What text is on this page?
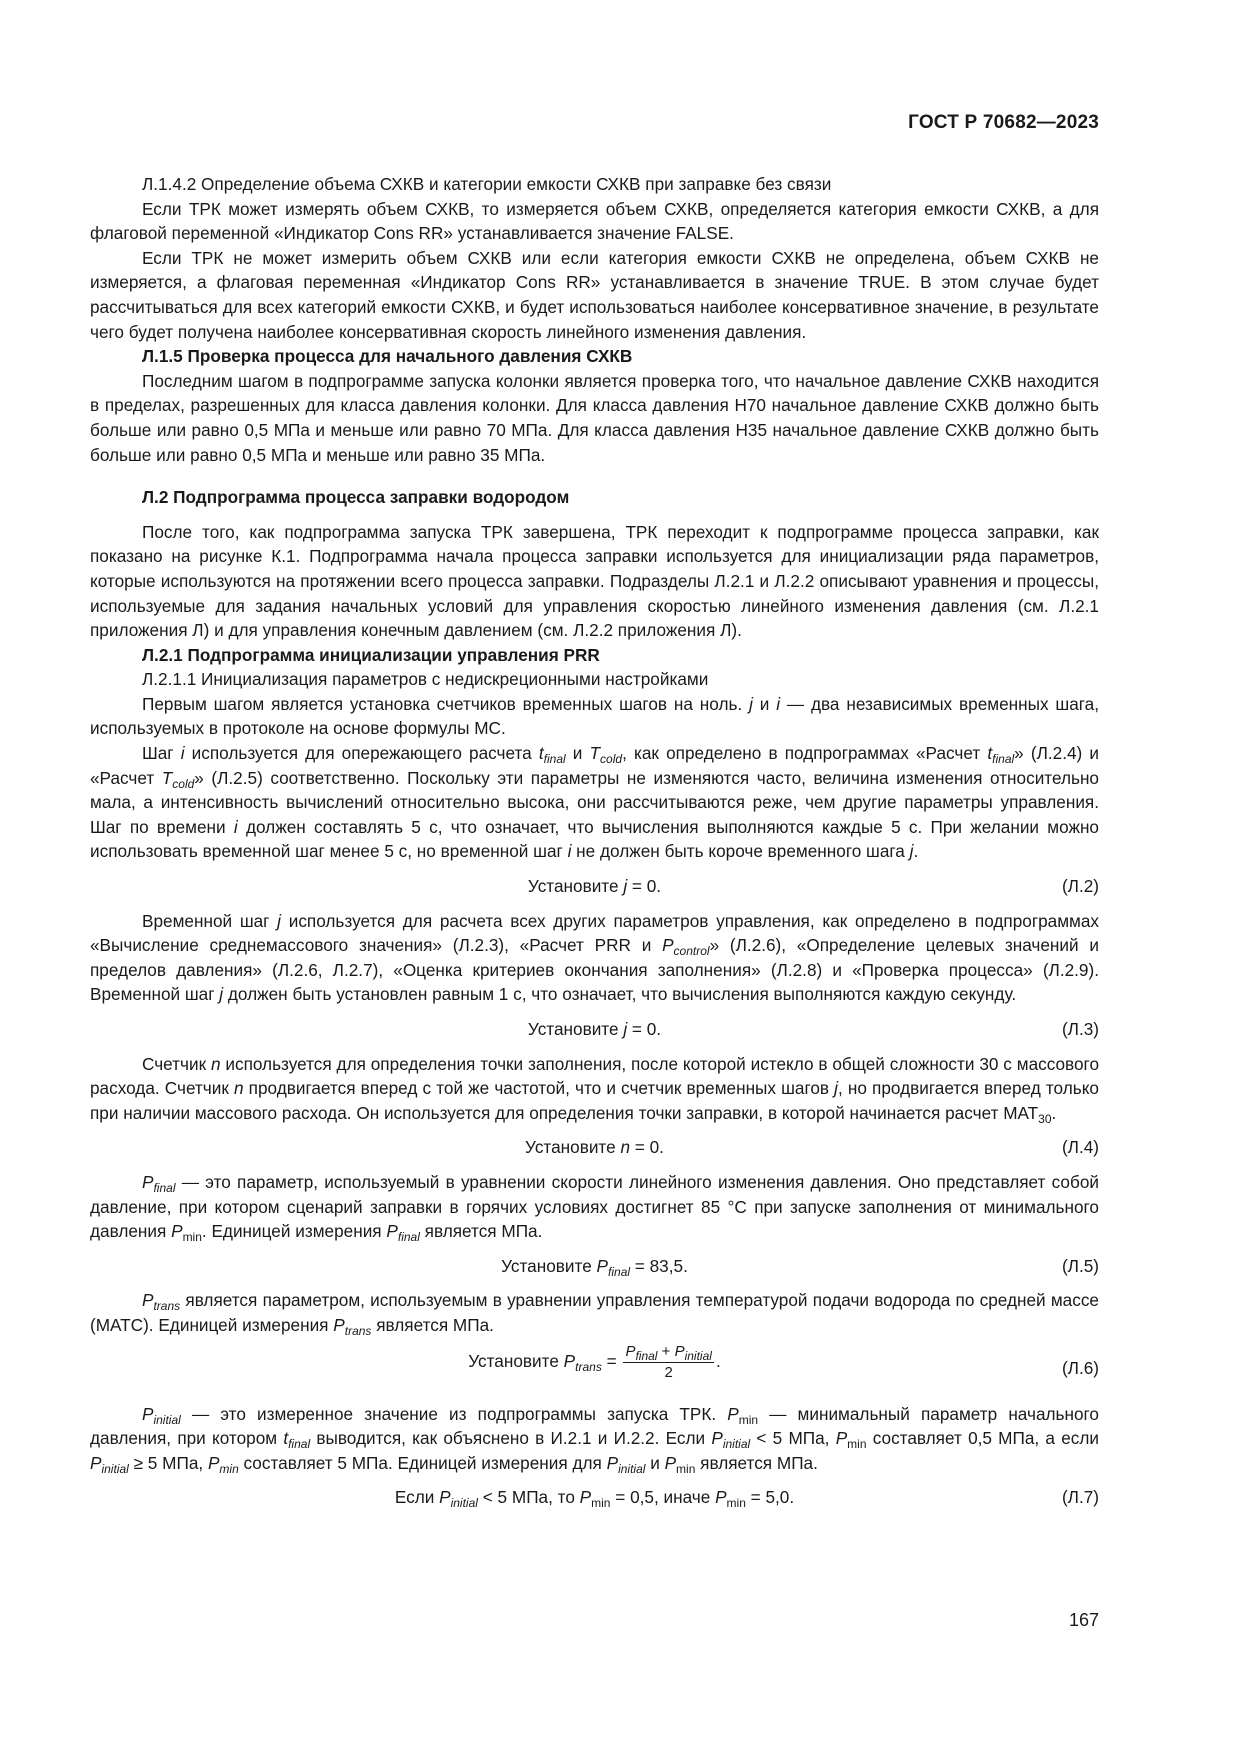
ГОСТ Р 70682—2023

Л.1.4.2 Определение объема СХКВ и категории емкости СХКВ при заправке без связи

Если ТРК может измерять объем СХКВ, то измеряется объем СХКВ, определяется категория емкости СХКВ, а для флаговой переменной «Индикатор Cons RR» устанавливается значение FALSE.

Если ТРК не может измерить объем СХКВ или если категория емкости СХКВ не определена, объем СХКВ не измеряется, а флаговая переменная «Индикатор Cons RR» устанавливается в значение TRUE. В этом случае будет рассчитываться для всех категорий емкости СХКВ, и будет использоваться наиболее консервативное значение, в результате чего будет получена наиболее консервативная скорость линейного изменения давления.

Л.1.5 Проверка процесса для начального давления СХКВ

Последним шагом в подпрограмме запуска колонки является проверка того, что начальное давление СХКВ находится в пределах, разрешенных для класса давления колонки. Для класса давления Н70 начальное давление СХКВ должно быть больше или равно 0,5 МПа и меньше или равно 70 МПа. Для класса давления Н35 начальное давление СХКВ должно быть больше или равно 0,5 МПа и меньше или равно 35 МПа.

Л.2 Подпрограмма процесса заправки водородом

После того, как подпрограмма запуска ТРК завершена, ТРК переходит к подпрограмме процесса заправки, как показано на рисунке К.1. Подпрограмма начала процесса заправки используется для инициализации ряда параметров, которые используются на протяжении всего процесса заправки. Подразделы Л.2.1 и Л.2.2 описывают уравнения и процессы, используемые для задания начальных условий для управления скоростью линейного изменения давления (см. Л.2.1 приложения Л) и для управления конечным давлением (см. Л.2.2 приложения Л).

Л.2.1 Подпрограмма инициализации управления PRR

Л.2.1.1 Инициализация параметров с недискреционными настройками

Первым шагом является установка счетчиков временных шагов на ноль. j и i — два независимых временных шага, используемых в протоколе на основе формулы МС.

Шаг i используется для опережающего расчета $t_{final}$ и $T_{cold}$, как определено в подпрограммах «Расчет $t_{final}$» (Л.2.4) и «Расчет $T_{cold}$» (Л.2.5) соответственно. Поскольку эти параметры не изменяются часто, величина изменения относительно мала, а интенсивность вычислений относительно высока, они рассчитываются реже, чем другие параметры управления. Шаг по времени i должен составлять 5 с, что означает, что вычисления выполняются каждые 5 с. При желании можно использовать временной шаг менее 5 с, но временной шаг i не должен быть короче временного шага j.

Установите j = 0.	(Л.2)

Временной шаг j используется для расчета всех других параметров управления, как определено в подпрограммах «Вычисление среднемассового значения» (Л.2.3), «Расчет PRR и $P_{control}$» (Л.2.6), «Определение целевых значений и пределов давления» (Л.2.6, Л.2.7), «Оценка критериев окончания заполнения» (Л.2.8) и «Проверка процесса» (Л.2.9). Временной шаг j должен быть установлен равным 1 с, что означает, что вычисления выполняются каждую секунду.

Установите j = 0.	(Л.3)

Счетчик n используется для определения точки заполнения, после которой истекло в общей сложности 30 с массового расхода. Счетчик n продвигается вперед с той же частотой, что и счетчик временных шагов j, но продвигается вперед только при наличии массового расхода. Он используется для определения точки заправки, в которой начинается расчет $МАТ_{30}$.

Установите n = 0.	(Л.4)

$P_{final}$ — это параметр, используемый в уравнении скорости линейного изменения давления. Оно представляет собой давление, при котором сценарий заправки в горячих условиях достигнет 85 °С при запуске заполнения от минимального давления $P_{min}$. Единицей измерения $P_{final}$ является МПа.

Установите $P_{final} = 83,5$.	(Л.5)

$P_{trans}$ является параметром, используемым в уравнении управления температурой подачи водорода по средней массе (МАТС). Единицей измерения $P_{trans}$ является МПа.

Установите $P_{trans} = \frac{P_{final} + P_{initial}}{2}$ .	(Л.6)

$P_{initial}$ — это измеренное значение из подпрограммы запуска ТРК. $P_{min}$ — минимальный параметр начального давления, при котором $t_{final}$ выводится, как объяснено в И.2.1 и И.2.2. Если $P_{initial} < 5$ МПа, $P_{min}$ составляет 0,5 МПа, а если $P_{initial} \ge 5$ МПа, $P_{min}$ составляет 5 МПа. Единицей измерения для $P_{initial}$ и $P_{min}$ является МПа.

Если $P_{initial} < 5$ МПа, то $P_{min} = 0,5$, иначе $P_{min} = 5,0$.	(Л.7)
167
